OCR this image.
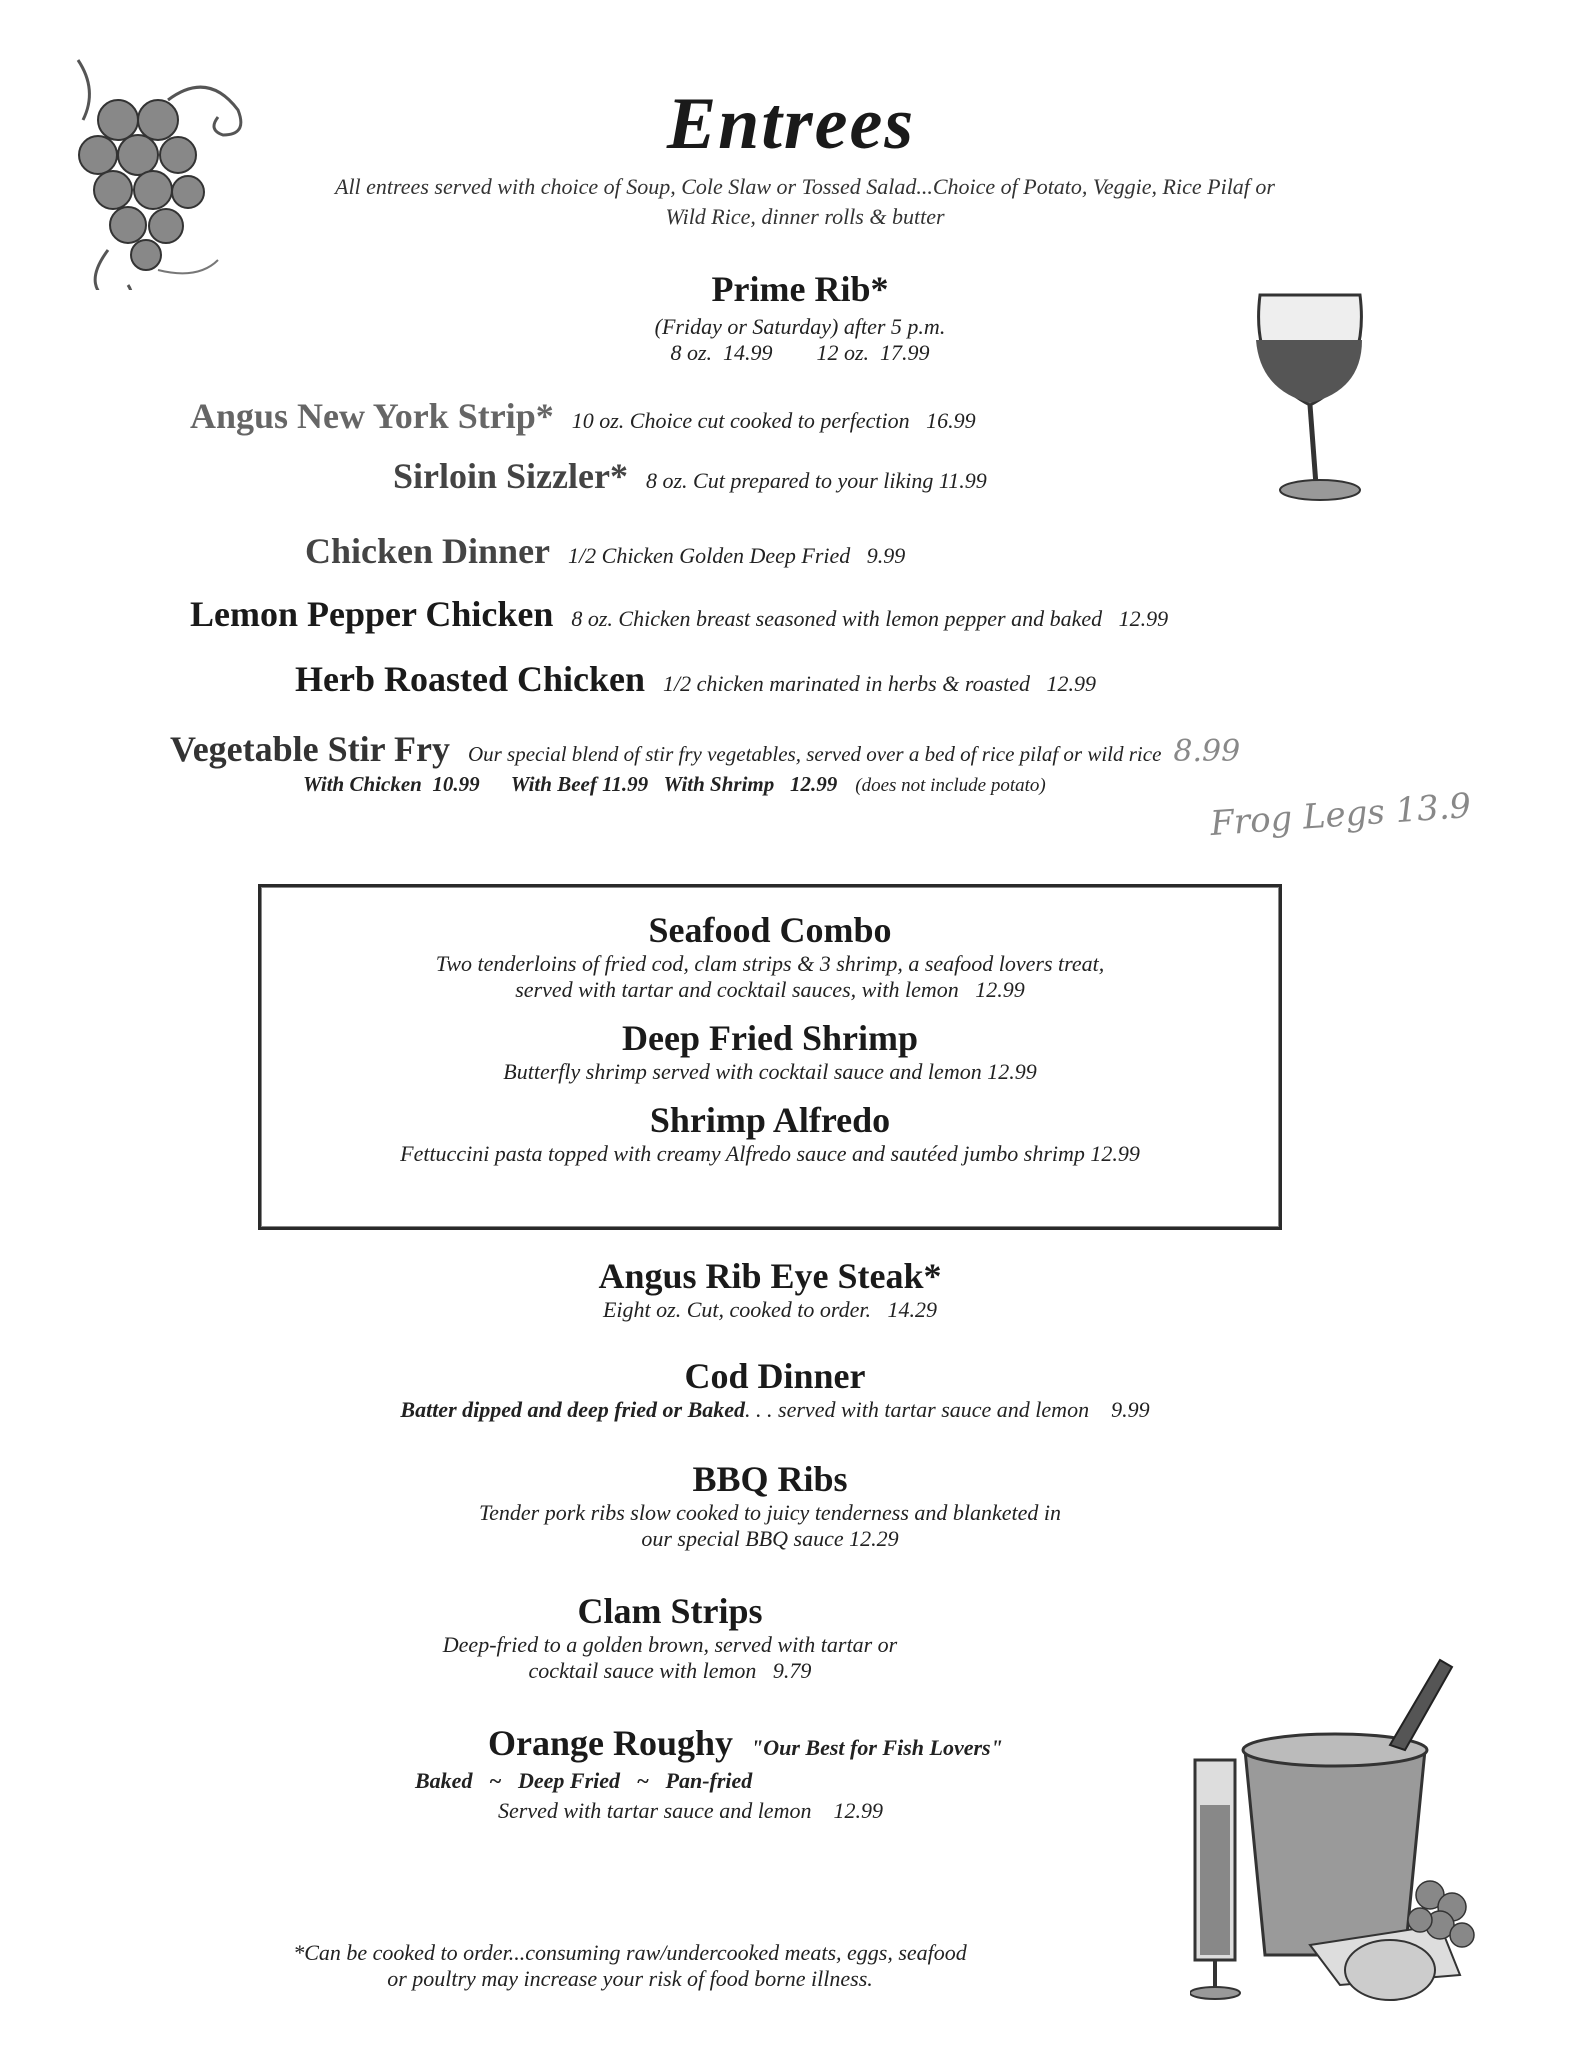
Entrees
All entrees served with choice of Soup, Cole Slaw or Tossed Salad...Choice of Potato, Veggie, Rice Pilaf or Wild Rice, dinner rolls & butter
Prime Rib*
(Friday or Saturday) after 5 p.m.
8 oz.  14.99        12 oz.  17.99
Angus New York Strip* 10 oz. Choice cut cooked to perfection   16.99
Sirloin Sizzler* 8 oz. Cut prepared to your liking 11.99
Chicken Dinner 1/2 Chicken Golden Deep Fried   9.99
Lemon Pepper Chicken 8 oz. Chicken breast seasoned with lemon pepper and baked   12.99
Herb Roasted Chicken 1/2 chicken marinated in herbs & roasted   12.99
Vegetable Stir Fry Our special blend of stir fry vegetables, served over a bed of rice pilaf or wild rice 8.99
With Chicken  10.99      With Beef 11.99   With Shrimp   12.99 (does not include potato)
Frog Legs 13.9
Seafood Combo
Two tenderloins of fried cod, clam strips & 3 shrimp, a seafood lovers treat,
served with tartar and cocktail sauces, with lemon   12.99
Deep Fried Shrimp
Butterfly shrimp served with cocktail sauce and lemon 12.99
Shrimp Alfredo
Fettuccini pasta topped with creamy Alfredo sauce and sautéed jumbo shrimp 12.99
Angus Rib Eye Steak*
Eight oz. Cut, cooked to order.   14.29
Cod Dinner
Batter dipped and deep fried or Baked. . . served with tartar sauce and lemon    9.99
BBQ Ribs
Tender pork ribs slow cooked to juicy tenderness and blanketed in
our special BBQ sauce 12.29
Clam Strips
Deep-fried to a golden brown, served with tartar or
cocktail sauce with lemon   9.79
Orange Roughy "Our Best for Fish Lovers"
Baked   ~   Deep Fried   ~   Pan-fried
Served with tartar sauce and lemon    12.99
*Can be cooked to order...consuming raw/undercooked meats, eggs, seafood
or poultry may increase your risk of food borne illness.
